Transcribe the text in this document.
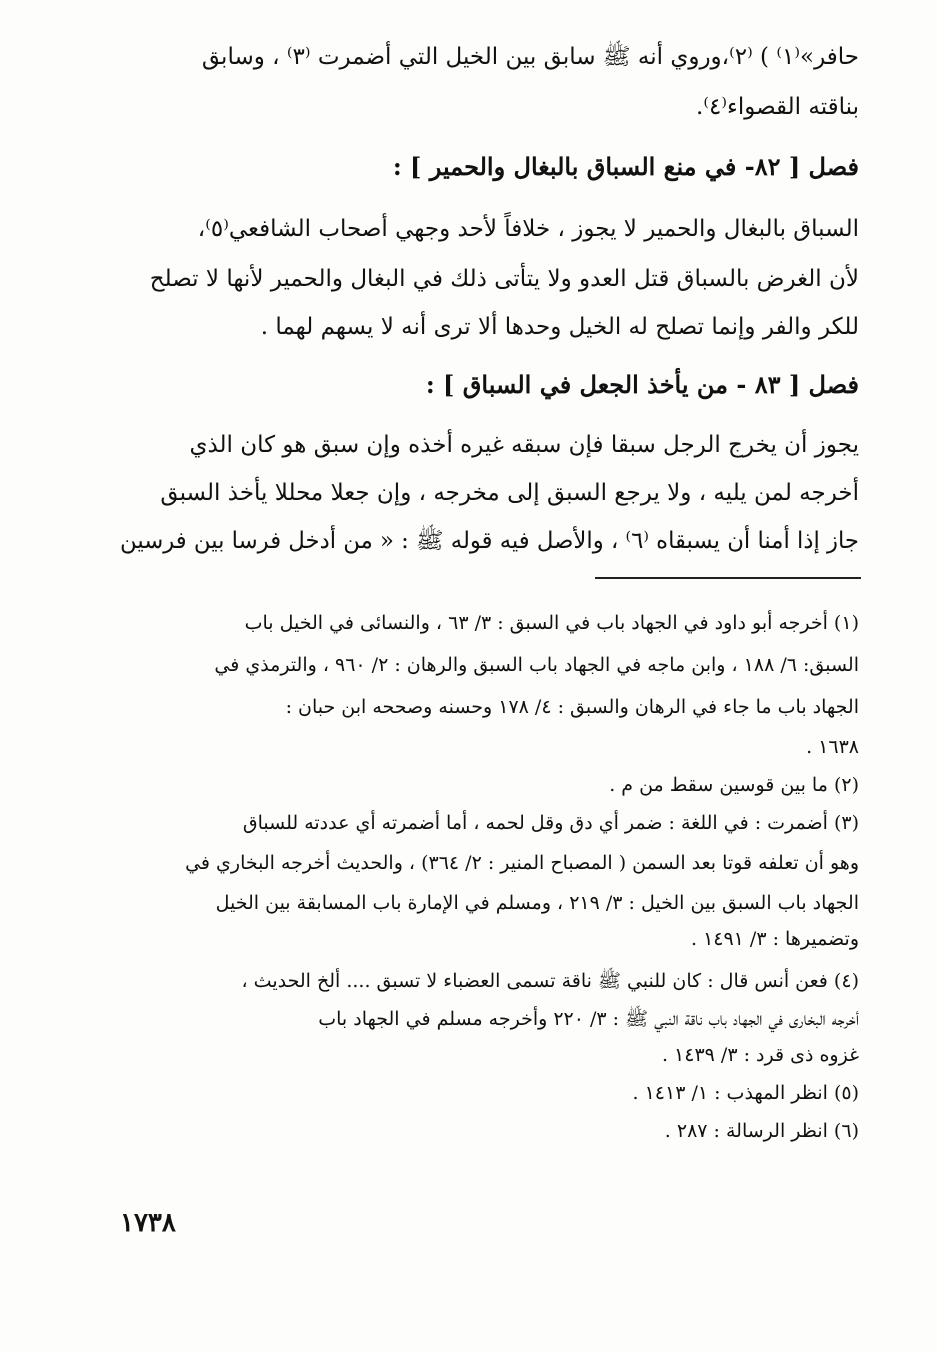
حافر»⁽١⁾ ) ⁽٢⁾،وروي أنه ﷺ سابق بين الخيل التي أضمرت ⁽٣⁾ ، وسابق
بناقته القصواء⁽٤⁾.
فصل [ ٨٢- في منع السباق بالبغال والحمير ] :
السباق بالبغال والحمير لا يجوز ، خلافاً لأحد وجهي أصحاب الشافعي⁽٥⁾،
لأن الغرض بالسباق قتل العدو ولا يتأتى ذلك في البغال والحمير لأنها لا تصلح
للكر والفر وإنما تصلح له الخيل وحدها ألا ترى أنه لا يسهم لهما .
فصل [ ٨٣ - من يأخذ الجعل في السباق ] :
يجوز أن يخرج الرجل سبقا فإن سبقه غيره أخذه وإن سبق هو كان الذي
أخرجه لمن يليه ، ولا يرجع السبق إلى مخرجه ، وإن جعلا محللا يأخذ السبق
جاز إذا أمنا أن يسبقاه ⁽٦⁾ ، والأصل فيه قوله ﷺ : « من أدخل فرسا بين فرسين
(١) أخرجه أبو داود في الجهاد باب في السبق : ٣/ ٦٣ ، والنسائى في الخيل باب
السبق: ٦/ ١٨٨ ، وابن ماجه في الجهاد باب السبق والرهان : ٢/ ٩٦٠ ، والترمذي في
الجهاد باب ما جاء في الرهان والسبق : ٤/ ١٧٨ وحسنه وصححه ابن حبان :
١٦٣٨ .
(٢) ما بين قوسين سقط من م .
(٣) أضمرت : في اللغة : ضمر أي دق وقل لحمه ، أما أضمرته أي عددته للسباق
وهو أن تعلفه قوتا بعد السمن ( المصباح المنير : ٢/ ٣٦٤) ، والحديث أخرجه البخاري في
الجهاد باب السبق بين الخيل : ٣/ ٢١٩ ، ومسلم في الإمارة باب المسابقة بين الخيل
وتضميرها : ٣/ ١٤٩١ .
(٤) فعن أنس قال : كان للنبي ﷺ ناقة تسمى العضباء لا تسبق .... ألخ الحديث ،
أخرجه البخارى في الجهاد باب ناقة النبي ﷺ : ٣/ ٢٢٠ وأخرجه مسلم في الجهاد باب
غزوه ذى قرد : ٣/ ١٤٣٩ .
(٥) انظر المهذب : ١/ ١٤١٣ .
(٦) انظر الرسالة : ٢٨٧ .
١٧٣٨
